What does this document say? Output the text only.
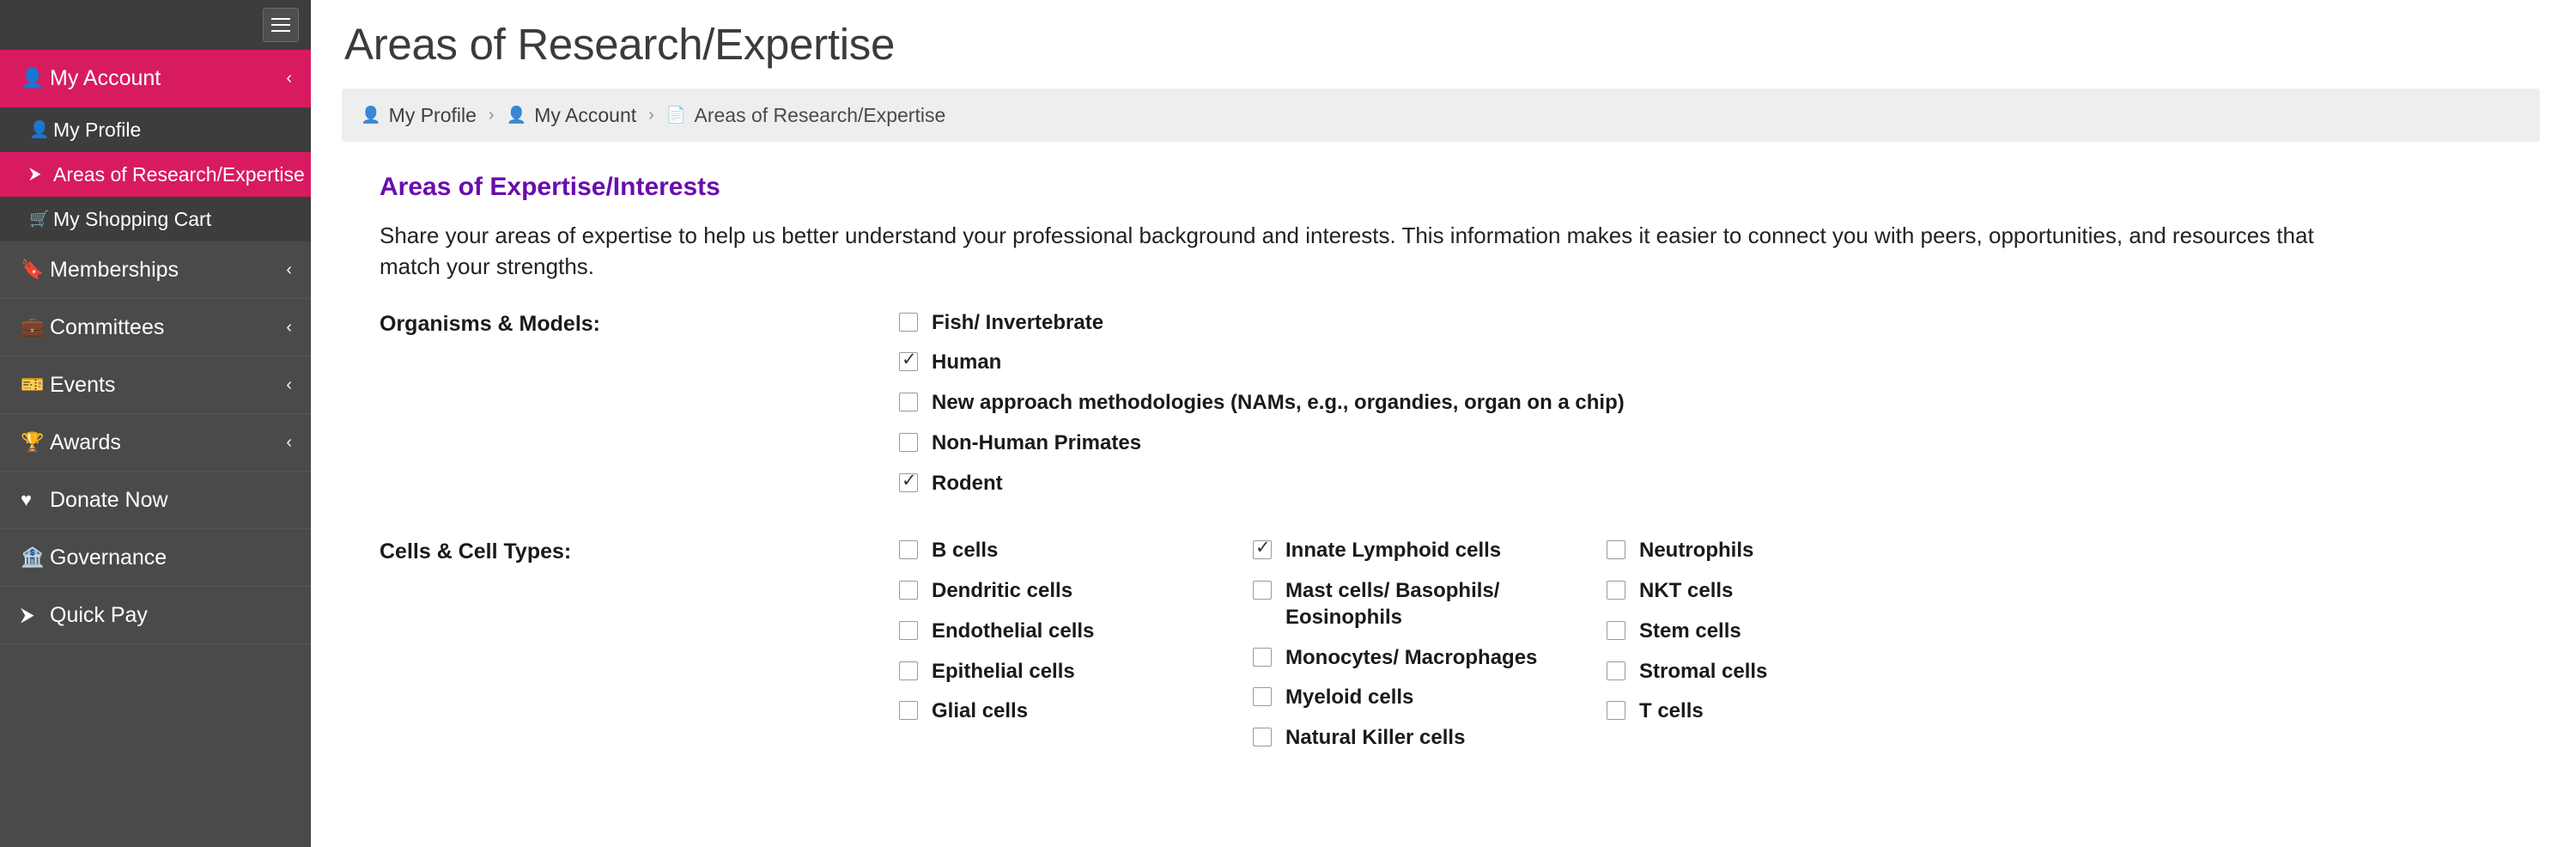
👤 My Account	‹
👤 My Profile
⮞ Areas of Research/Expertise
🛒 My Shopping Cart
🔖 Memberships	‹
💼 Committees	‹
🎫 Events	‹
🏆 Awards	‹
♥ Donate Now
🏦 Governance
⮞ Quick Pay
Areas of Research/Expertise
👤 My Profile › 👤 My Account › 📄 Areas of Research/Expertise
Areas of Expertise/Interests
Share your areas of expertise to help us better understand your professional background and interests. This information makes it easier to connect you with peers, opportunities, and resources that match your strengths.
Organisms & Models:	Fish/ Invertebrate
✓
Human
New approach methodologies (NAMs, e.g., organdies, organ on a chip)
Non-Human Primates
✓
Rodent
Cells & Cell Types:	B cells
Dendritic cells
Endothelial cells
Epithelial cells
Glial cells
✓
Innate Lymphoid cells
Mast cells/ Basophils/ Eosinophils
Monocytes/ Macrophages
Myeloid cells
Natural Killer cells
Neutrophils
NKT cells
Stem cells
Stromal cells
T cells
